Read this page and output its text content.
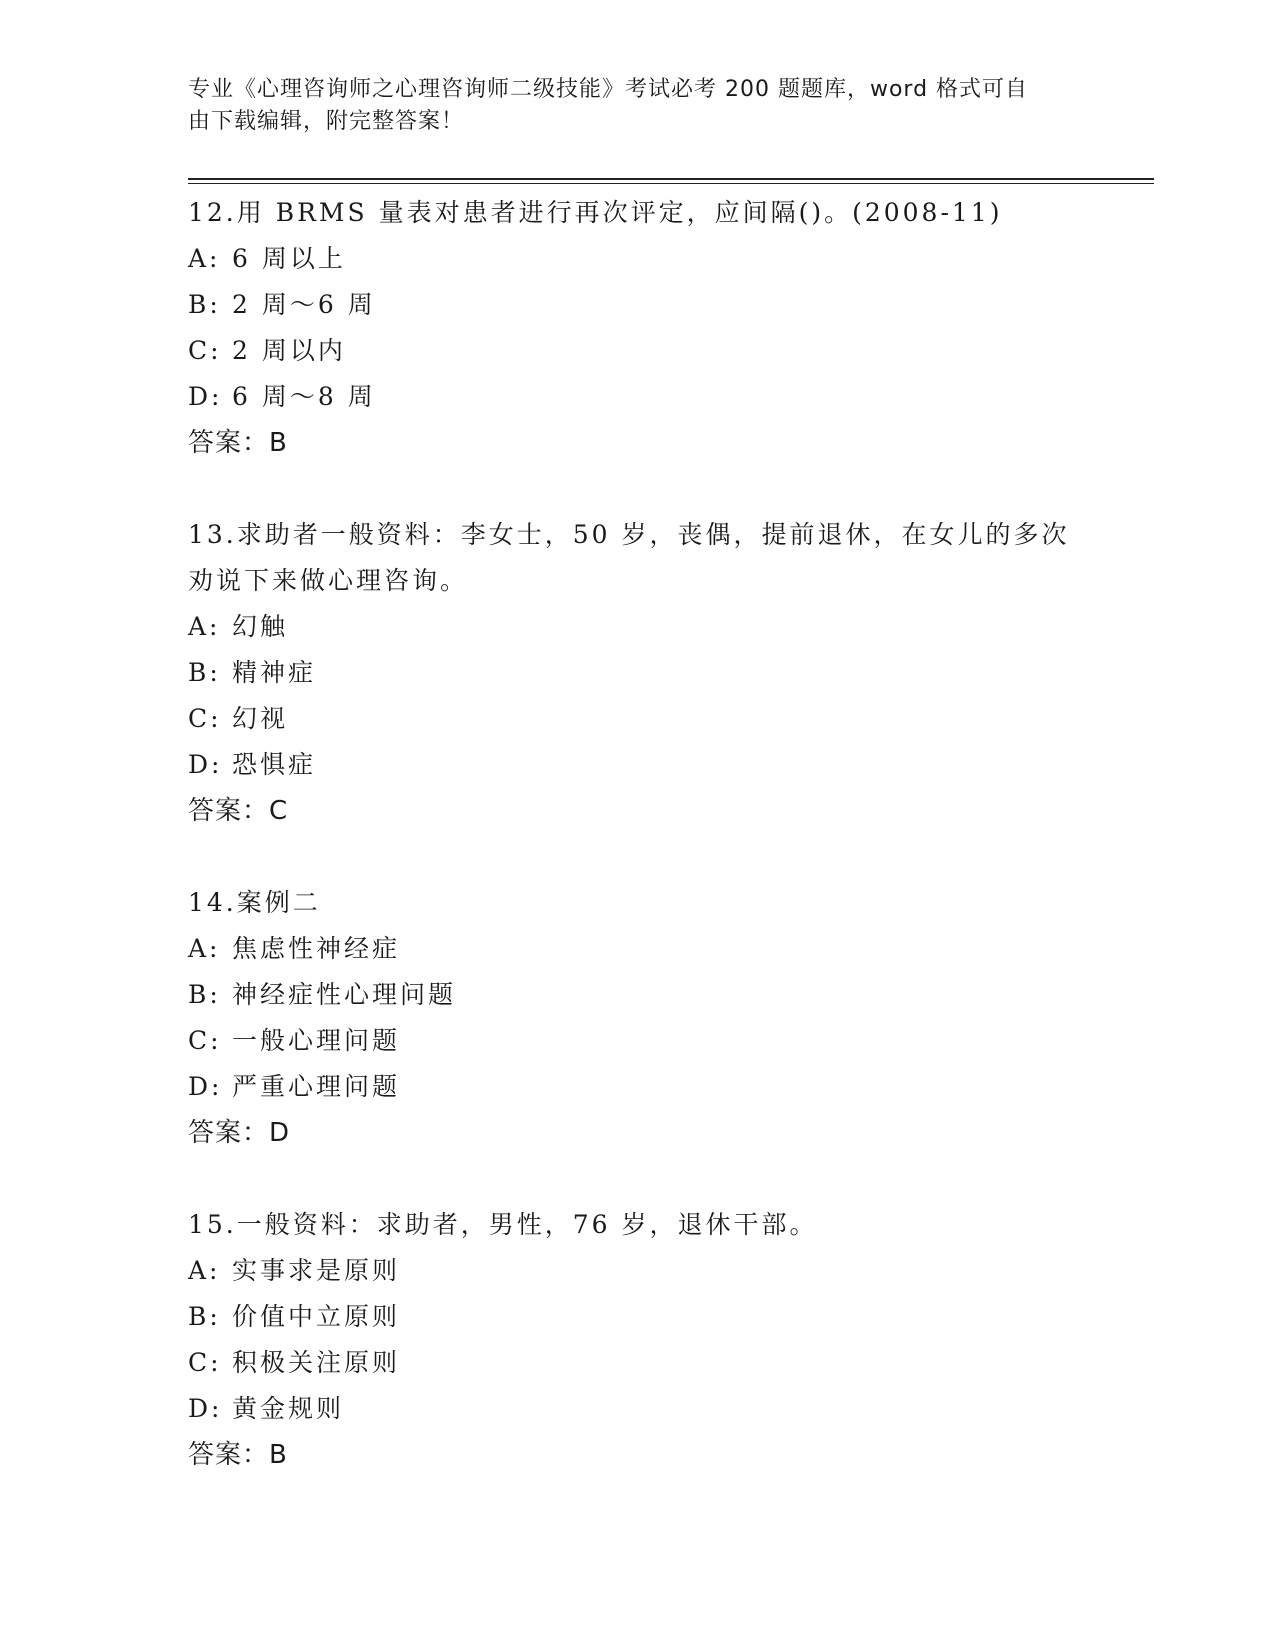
专业《心理咨询师之心理咨询师二级技能》考试必考 200 题题库，word 格式可自
由下载编辑，附完整答案！
12.用 BRMS 量表对患者进行再次评定，应间隔()。(2008-11)
A: 6 周以上
B: 2 周～6 周
C: 2 周以内
D: 6 周～8 周
答案：B
13.求助者一般资料：李女士，50 岁，丧偶，提前退休，在女儿的多次
劝说下来做心理咨询。
A: 幻触
B: 精神症
C: 幻视
D: 恐惧症
答案：C
14.案例二
A: 焦虑性神经症
B: 神经症性心理问题
C: 一般心理问题
D: 严重心理问题
答案：D
15.一般资料：求助者，男性，76 岁，退休干部。
A: 实事求是原则
B: 价值中立原则
C: 积极关注原则
D: 黄金规则
答案：B
